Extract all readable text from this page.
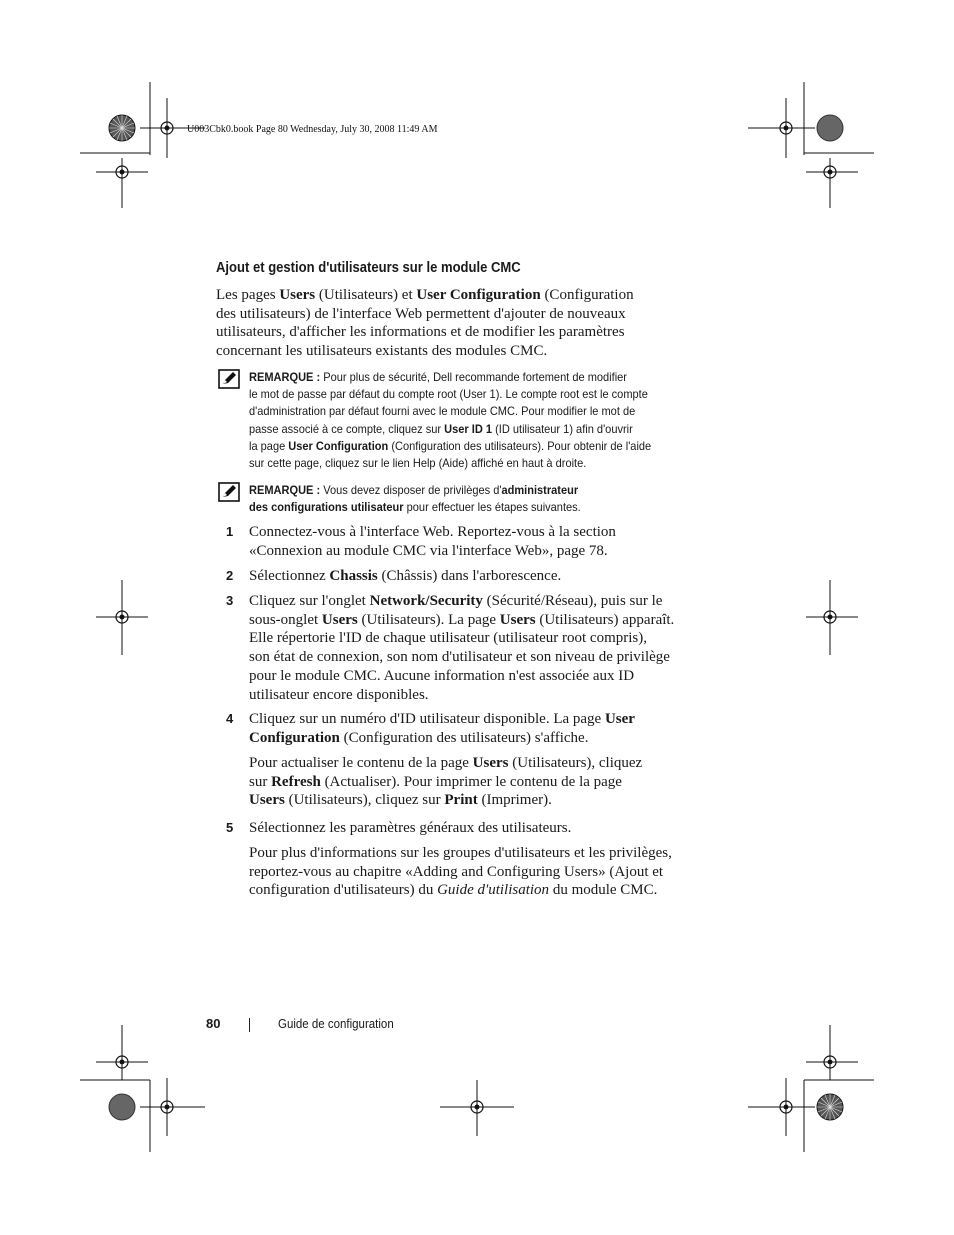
U003Cbk0.book Page 80 Wednesday, July 30, 2008 11:49 AM
Ajout et gestion d'utilisateurs sur le module CMC
Les pages Users (Utilisateurs) et User Configuration (Configuration
des utilisateurs) de l'interface Web permettent d'ajouter de nouveaux
utilisateurs, d'afficher les informations et de modifier les paramètres
concernant les utilisateurs existants des modules CMC.
REMARQUE : Pour plus de sécurité, Dell recommande fortement de modifier
le mot de passe par défaut du compte root (User 1). Le compte root est le compte
d'administration par défaut fourni avec le module CMC. Pour modifier le mot de
passe associé à ce compte, cliquez sur User ID 1 (ID utilisateur 1) afin d'ouvrir
la page User Configuration (Configuration des utilisateurs). Pour obtenir de l'aide
sur cette page, cliquez sur le lien Help (Aide) affiché en haut à droite.
REMARQUE : Vous devez disposer de privilèges d'administrateur
des configurations utilisateur pour effectuer les étapes suivantes.
1 Connectez-vous à l'interface Web. Reportez-vous à la section
«Connexion au module CMC via l'interface Web», page 78.
2 Sélectionnez Chassis (Châssis) dans l'arborescence.
3 Cliquez sur l'onglet Network/Security (Sécurité/Réseau), puis sur le
sous-onglet Users (Utilisateurs). La page Users (Utilisateurs) apparaît.
Elle répertorie l'ID de chaque utilisateur (utilisateur root compris),
son état de connexion, son nom d'utilisateur et son niveau de privilège
pour le module CMC. Aucune information n'est associée aux ID
utilisateur encore disponibles.
4 Cliquez sur un numéro d'ID utilisateur disponible. La page User
Configuration (Configuration des utilisateurs) s'affiche.
Pour actualiser le contenu de la page Users (Utilisateurs), cliquez
sur Refresh (Actualiser). Pour imprimer le contenu de la page
Users (Utilisateurs), cliquez sur Print (Imprimer).
5 Sélectionnez les paramètres généraux des utilisateurs.
Pour plus d'informations sur les groupes d'utilisateurs et les privilèges,
reportez-vous au chapitre «Adding and Configuring Users» (Ajout et
configuration d'utilisateurs) du Guide d'utilisation du module CMC.
80	Guide de configuration
